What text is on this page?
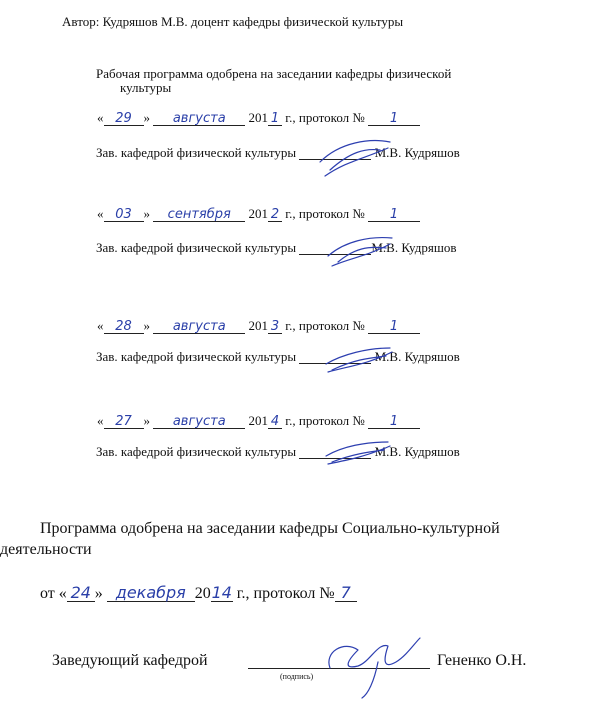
Автор: Кудряшов М.В. доцент кафедры физической культуры
Рабочая программа одобрена на заседании кафедры физической
культуры
« 29 » августа 201 1 г., протокол № 1
Зав. кафедрой физической культуры	М.В. Кудряшов
« 03 » сентября 201 2 г., протокол № 1
Зав. кафедрой физической культуры	М.В. Кудряшов
« 28 » августа 201 3 г., протокол № 1
Зав. кафедрой физической культуры	М.В. Кудряшов
« 27 » августа 201 4 г., протокол № 1
Зав. кафедрой физической культуры	М.В. Кудряшов
Программа одобрена на заседании кафедры Социально-культурной
деятельности
от « 24 » декабря 2014 г., протокол № 7
Заведующий кафедрой
(подпись)
Гененко О.Н.
